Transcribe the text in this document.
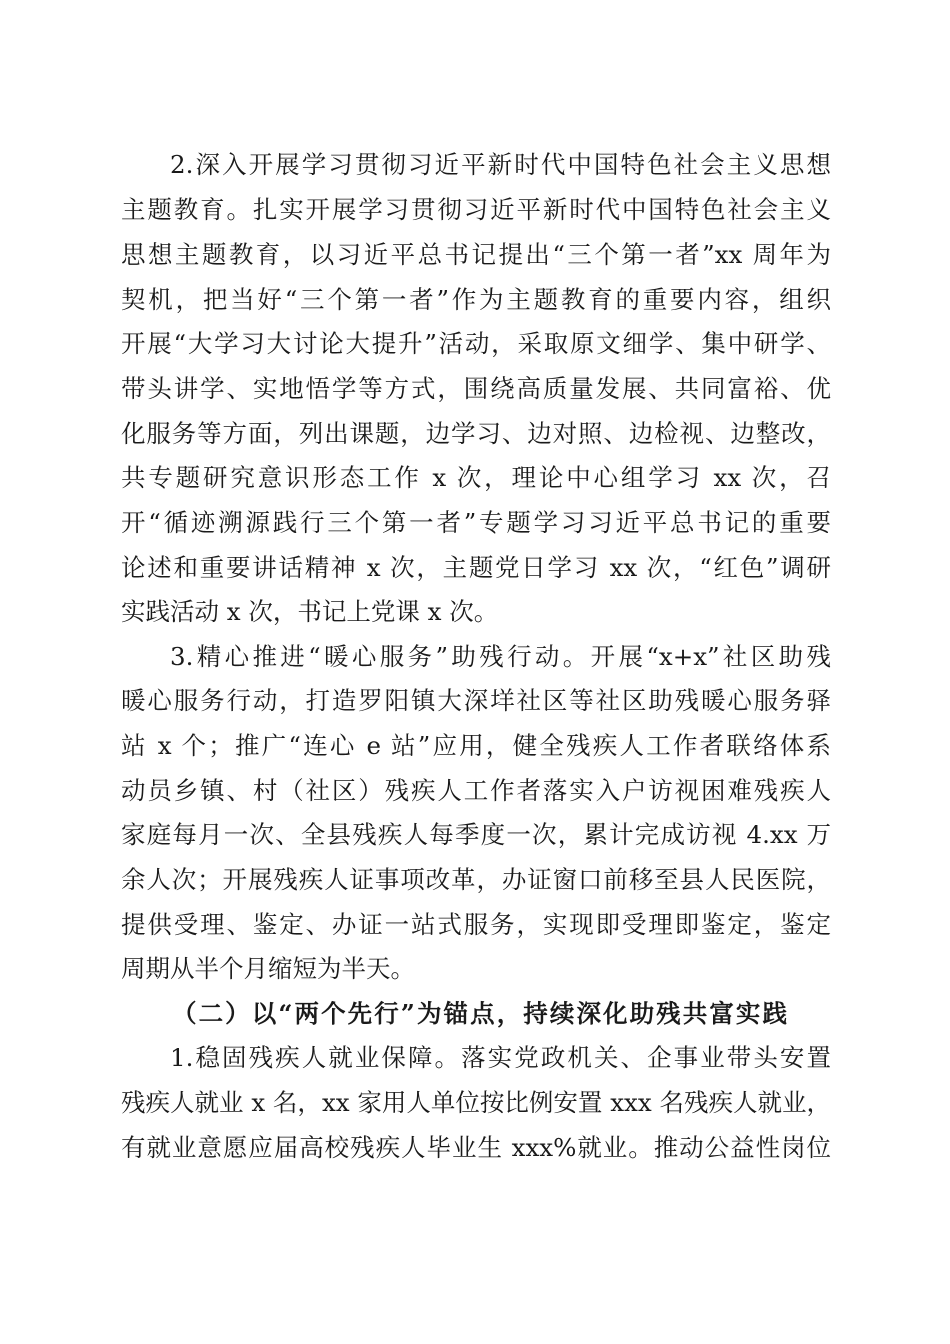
2.深入开展学习贯彻习近平新时代中国特色社会主义思想
主题教育。扎实开展学习贯彻习近平新时代中国特色社会主义
思想主题教育，以习近平总书记提出“三个第一者”xx 周年为
契机，把当好“三个第一者”作为主题教育的重要内容，组织
开展“大学习大讨论大提升”活动，采取原文细学、集中研学、
带头讲学、实地悟学等方式，围绕高质量发展、共同富裕、优
化服务等方面，列出课题，边学习、边对照、边检视、边整改，
共专题研究意识形态工作 x 次，理论中心组学习 xx 次，召
开“循迹溯源践行三个第一者”专题学习习近平总书记的重要
论述和重要讲话精神 x 次，主题党日学习 xx 次，“红色”调研
实践活动 x 次，书记上党课 x 次。
3.精心推进“暖心服务”助残行动。开展“x+x”社区助残
暖心服务行动，打造罗阳镇大深垟社区等社区助残暖心服务驿
站 x 个；推广“连心 e 站”应用，健全残疾人工作者联络体系
动员乡镇、村（社区）残疾人工作者落实入户访视困难残疾人
家庭每月一次、全县残疾人每季度一次，累计完成访视 4.xx 万
余人次；开展残疾人证事项改革，办证窗口前移至县人民医院，
提供受理、鉴定、办证一站式服务，实现即受理即鉴定，鉴定
周期从半个月缩短为半天。
（二）以“两个先行”为锚点，持续深化助残共富实践
1.稳固残疾人就业保障。落实党政机关、企事业带头安置
残疾人就业 x 名，xx 家用人单位按比例安置 xxx 名残疾人就业，
有就业意愿应届高校残疾人毕业生 xxx%就业。推动公益性岗位
